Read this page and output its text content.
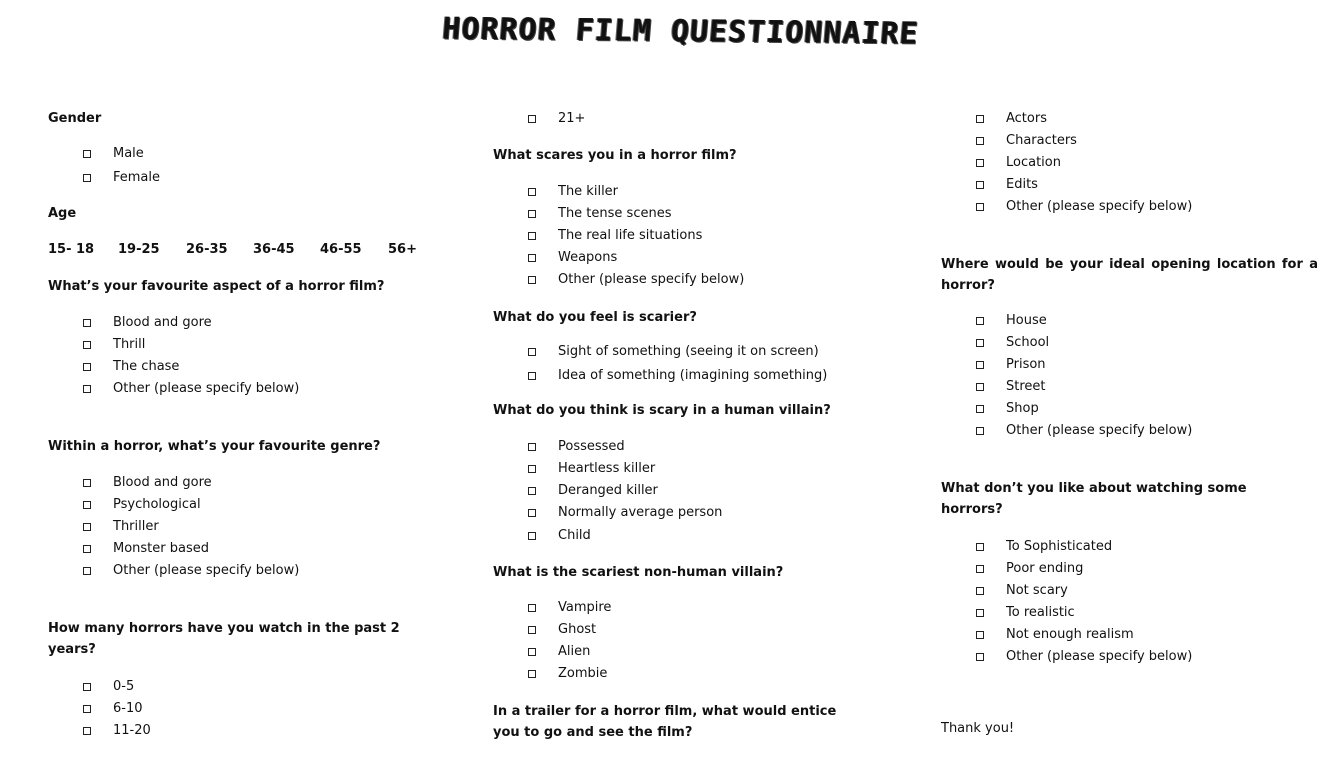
HORROR FILM QUESTIONNAIRE

Gender

Male
Female

Age

15- 18	19-25	26-35	36-45	46-55	56+

What’s your favourite aspect of a horror film?

Blood and gore
Thrill
The chase
Other (please specify below)

Within a horror, what’s your favourite genre?

Blood and gore
Psychological
Thriller
Monster based
Other (please specify below)

How many horrors have you watch in the past 2 years?

0-5
6-10
11-20
21+

What scares you in a horror film?

The killer
The tense scenes
The real life situations
Weapons
Other (please specify below)

What do you feel is scarier?

Sight of something (seeing it on screen)
Idea of something (imagining something)

What do you think is scary in a human villain?

Possessed
Heartless killer
Deranged killer
Normally average person
Child

What is the scariest non-human villain?

Vampire
Ghost
Alien
Zombie

In a trailer for a horror film, what would entice you to go and see the film?

Actors
Characters
Location
Edits
Other (please specify below)

Where would be your ideal opening location for a horror?

House
School
Prison
Street
Shop
Other (please specify below)

What don’t you like about watching some horrors?

To Sophisticated
Poor ending
Not scary
To realistic
Not enough realism
Other (please specify below)
Thank you!
